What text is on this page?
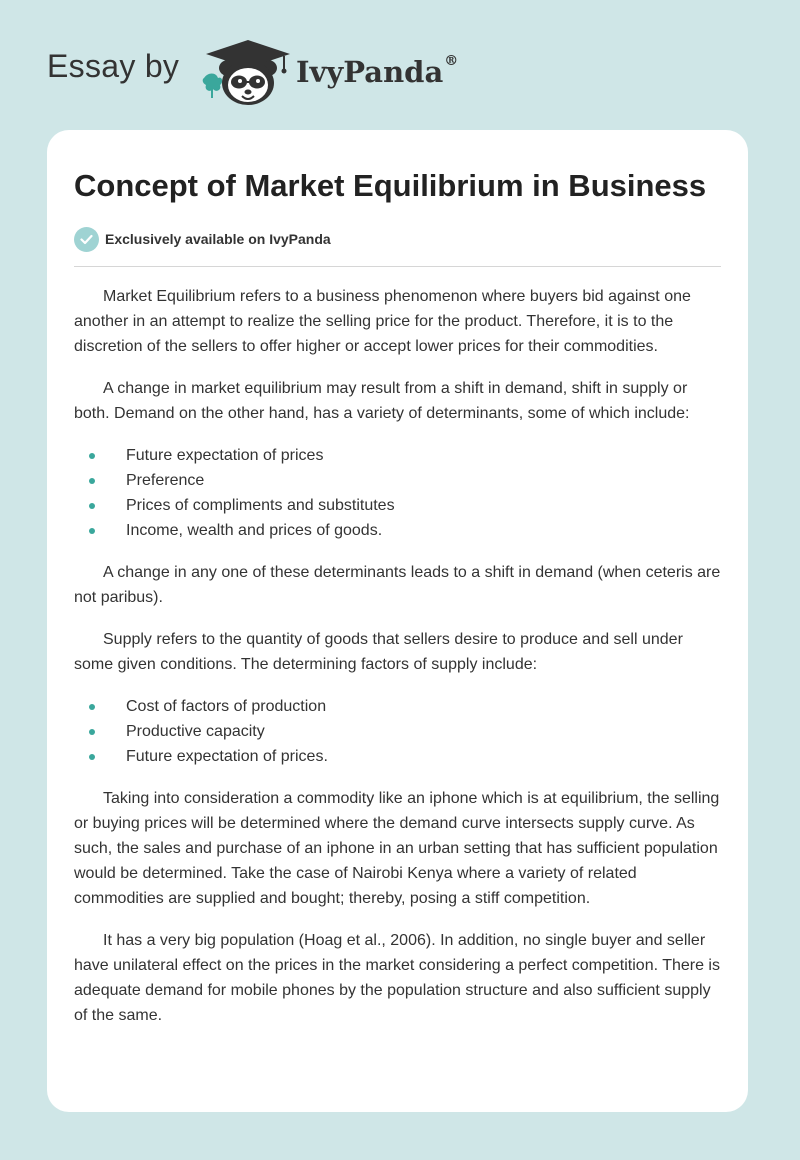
Essay by	IvyPanda®
Concept of Market Equilibrium in Business
Exclusively available on IvyPanda

Market Equilibrium refers to a business phenomenon where buyers bid against one another in an attempt to realize the selling price for the product. Therefore, it is to the discretion of the sellers to offer higher or accept lower prices for their commodities.

A change in market equilibrium may result from a shift in demand, shift in supply or both. Demand on the other hand, has a variety of determinants, some of which include:

Future expectation of prices
Preference
Prices of compliments and substitutes
Income, wealth and prices of goods.

A change in any one of these determinants leads to a shift in demand (when ceteris are not paribus).

Supply refers to the quantity of goods that sellers desire to produce and sell under some given conditions. The determining factors of supply include:

Cost of factors of production
Productive capacity
Future expectation of prices.

Taking into consideration a commodity like an iphone which is at equilibrium, the selling or buying prices will be determined where the demand curve intersects supply curve. As such, the sales and purchase of an iphone in an urban setting that has sufficient population would be determined. Take the case of Nairobi Kenya where a variety of related commodities are supplied and bought; thereby, posing a stiff competition.

It has a very big population (Hoag et al., 2006). In addition, no single buyer and seller have unilateral effect on the prices in the market considering a perfect competition. There is adequate demand for mobile phones by the population structure and also sufficient supply of the same.
